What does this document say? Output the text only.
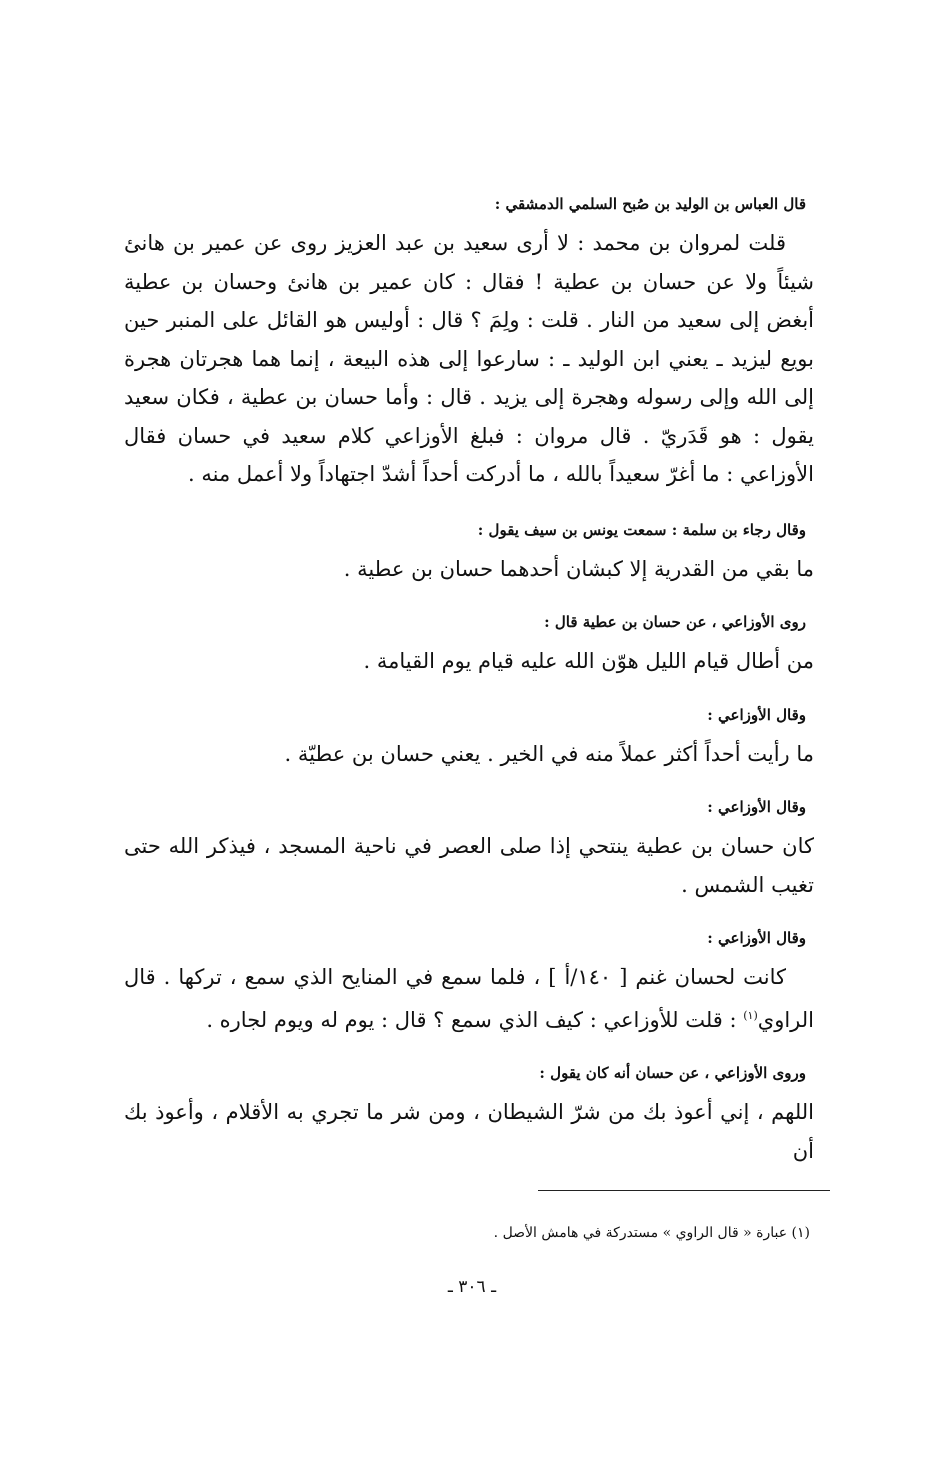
قال العباس بن الوليد بن صُبح السلمي الدمشقي :

قلت لمروان بن محمد : لا أرى سعيد بن عبد العزيز روى عن عمير بن هانئ شيئاً ولا عن حسان بن عطية ! فقال : كان عمير بن هانئ وحسان بن عطية أبغض إلى سعيد من النار . قلت : ولِمَ ؟ قال : أوليس هو القائل على المنبر حين بويع ليزيد ـ يعني ابن الوليد ـ : سارعوا إلى هذه البيعة ، إنما هما هجرتان هجرة إلى الله وإلى رسوله وهجرة إلى يزيد . قال : وأما حسان بن عطية ، فكان سعيد يقول : هو قَدَريّ . قال مروان : فبلغ الأوزاعي كلام سعيد في حسان فقال الأوزاعي : ما أغرّ سعيداً بالله ، ما أدركت أحداً أشدّ اجتهاداً ولا أعمل منه .

وقال رجاء بن سلمة : سمعت يونس بن سيف يقول :

ما بقي من القدرية إلا كبشان أحدهما حسان بن عطية .

روى الأوزاعي ، عن حسان بن عطية قال :

من أطال قيام الليل هوّن الله عليه قيام يوم القيامة .

وقال الأوزاعي :

ما رأيت أحداً أكثر عملاً منه في الخير . يعني حسان بن عطيّة .

وقال الأوزاعي :

كان حسان بن عطية ينتحي إذا صلى العصر في ناحية المسجد ، فيذكر الله حتى تغيب الشمس .

وقال الأوزاعي :

كانت لحسان غنم [ ١٤٠/أ ] ، فلما سمع في المنايح الذي سمع ، تركها . قال الراوي$^{(١)}$ : قلت للأوزاعي : كيف الذي سمع ؟ قال : يوم له ويوم لجاره .

وروى الأوزاعي ، عن حسان أنه كان يقول :

اللهم ، إني أعوذ بك من شرّ الشيطان ، ومن شر ما تجري به الأقلام ، وأعوذ بك أن

(١) عبارة « قال الراوي » مستدركة في هامش الأصل .
ـ ٣٠٦ ـ
